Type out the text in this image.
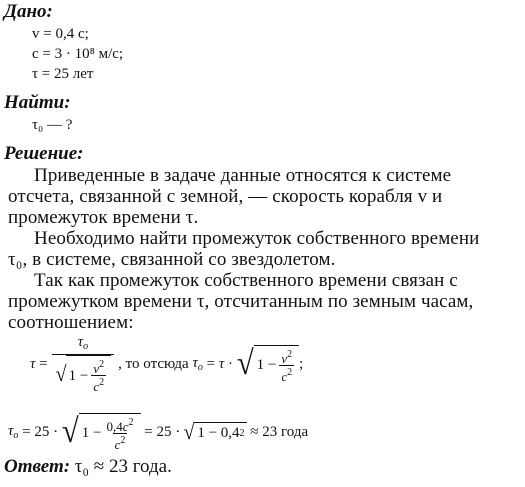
Дано:
v = 0,4 c;
c = 3 · 10⁸ м/с;
τ = 25 лет
Найти:
τ₀ — ?
Решение:
Приведенные в задаче данные относятся к системе
отсчета, связанной с земной, — скорость корабля v и
промежуток времени τ.
Необходимо найти промежуток собственного времени
τ₀, в системе, связанной со звездолетом.
Так как промежуток собственного времени связан с
промежутком времени τ, отсчитанным по земным часам,
соотношением:
$\tau = \tau_o$
√ $1 - v^2$
$c^2$ , то отсюда
$\tau_o = \tau$ · √ $1 - v^2$
$c^2$
;
$\tau_o = 25$ · √ $1 - 0,4c^2$
$c^2$
= 25 · √ 1 − 0,4 2
≈ 23 года
Ответ: τ₀ ≈ 23 года.
